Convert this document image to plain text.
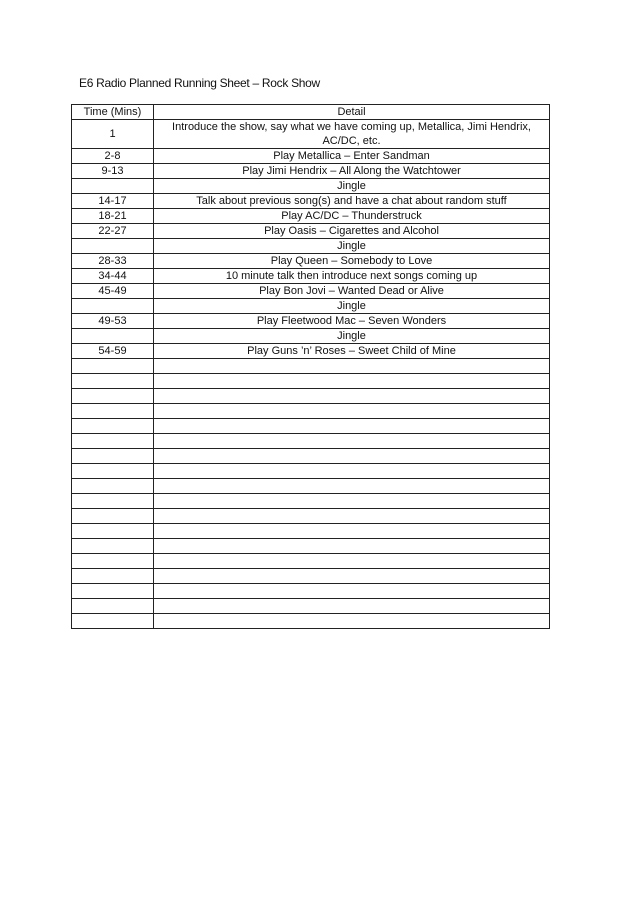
E6 Radio Planned Running Sheet – Rock Show
Time (Mins)	Detail
1	Introduce the show, say what we have coming up, Metallica, Jimi Hendrix, AC/DC, etc.
2-8	Play Metallica – Enter Sandman
9-13	Play Jimi Hendrix – All Along the Watchtower
	Jingle
14-17	Talk about previous song(s) and have a chat about random stuff
18-21	Play AC/DC – Thunderstruck
22-27	Play Oasis – Cigarettes and Alcohol
	Jingle
28-33	Play Queen – Somebody to Love
34-44	10 minute talk then introduce next songs coming up
45-49	Play Bon Jovi – Wanted Dead or Alive
	Jingle
49-53	Play Fleetwood Mac – Seven Wonders
	Jingle
54-59	Play Guns ’n’ Roses – Sweet Child of Mine
